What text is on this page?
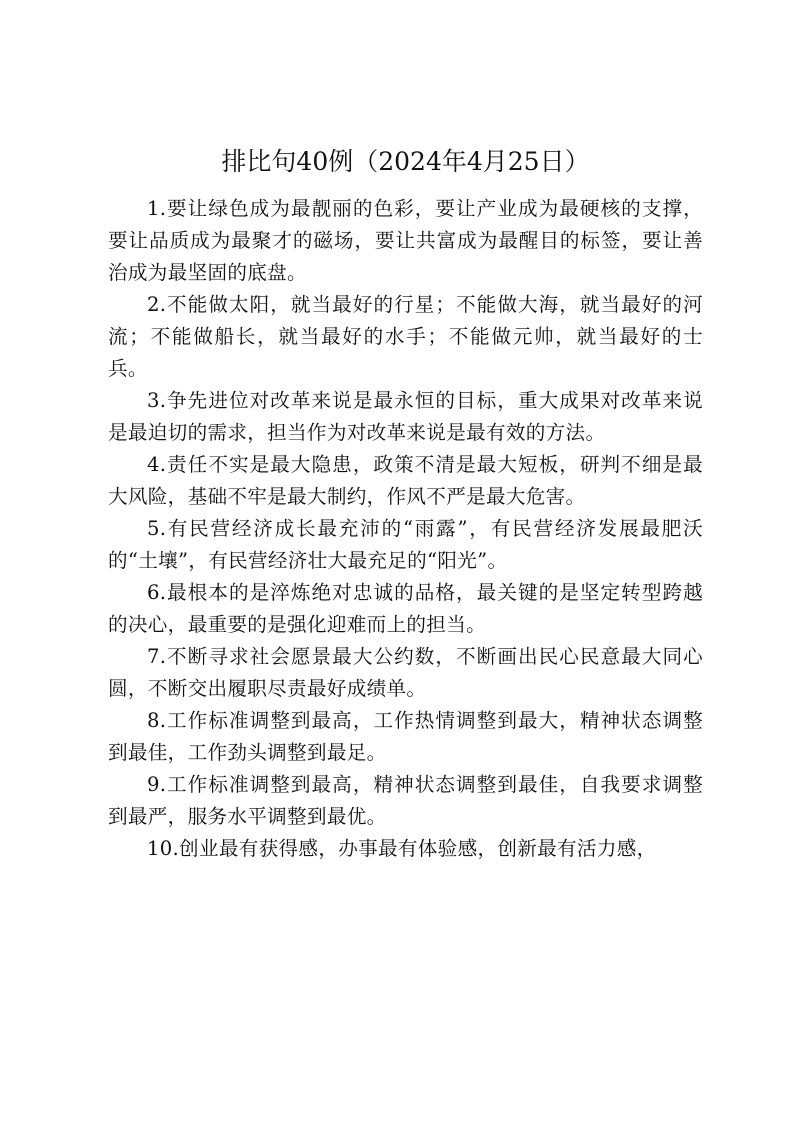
排比句40例（2024年4月25日）

1.要让绿色成为最靓丽的色彩，要让产业成为最硬核的支撑，要让品质成为最聚才的磁场，要让共富成为最醒目的标签，要让善治成为最坚固的底盘。

2.不能做太阳，就当最好的行星；不能做大海，就当最好的河流；不能做船长，就当最好的水手；不能做元帅，就当最好的士兵。

3.争先进位对改革来说是最永恒的目标，重大成果对改革来说是最迫切的需求，担当作为对改革来说是最有效的方法。

4.责任不实是最大隐患，政策不清是最大短板，研判不细是最大风险，基础不牢是最大制约，作风不严是最大危害。

5.有民营经济成长最充沛的“雨露”，有民营经济发展最肥沃的“土壤”，有民营经济壮大最充足的“阳光”。

6.最根本的是淬炼绝对忠诚的品格，最关键的是坚定转型跨越的决心，最重要的是强化迎难而上的担当。

7.不断寻求社会愿景最大公约数，不断画出民心民意最大同心圆，不断交出履职尽责最好成绩单。

8.工作标准调整到最高，工作热情调整到最大，精神状态调整到最佳，工作劲头调整到最足。

9.工作标准调整到最高，精神状态调整到最佳，自我要求调整到最严，服务水平调整到最优。

10.创业最有获得感，办事最有体验感，创新最有活力感，
